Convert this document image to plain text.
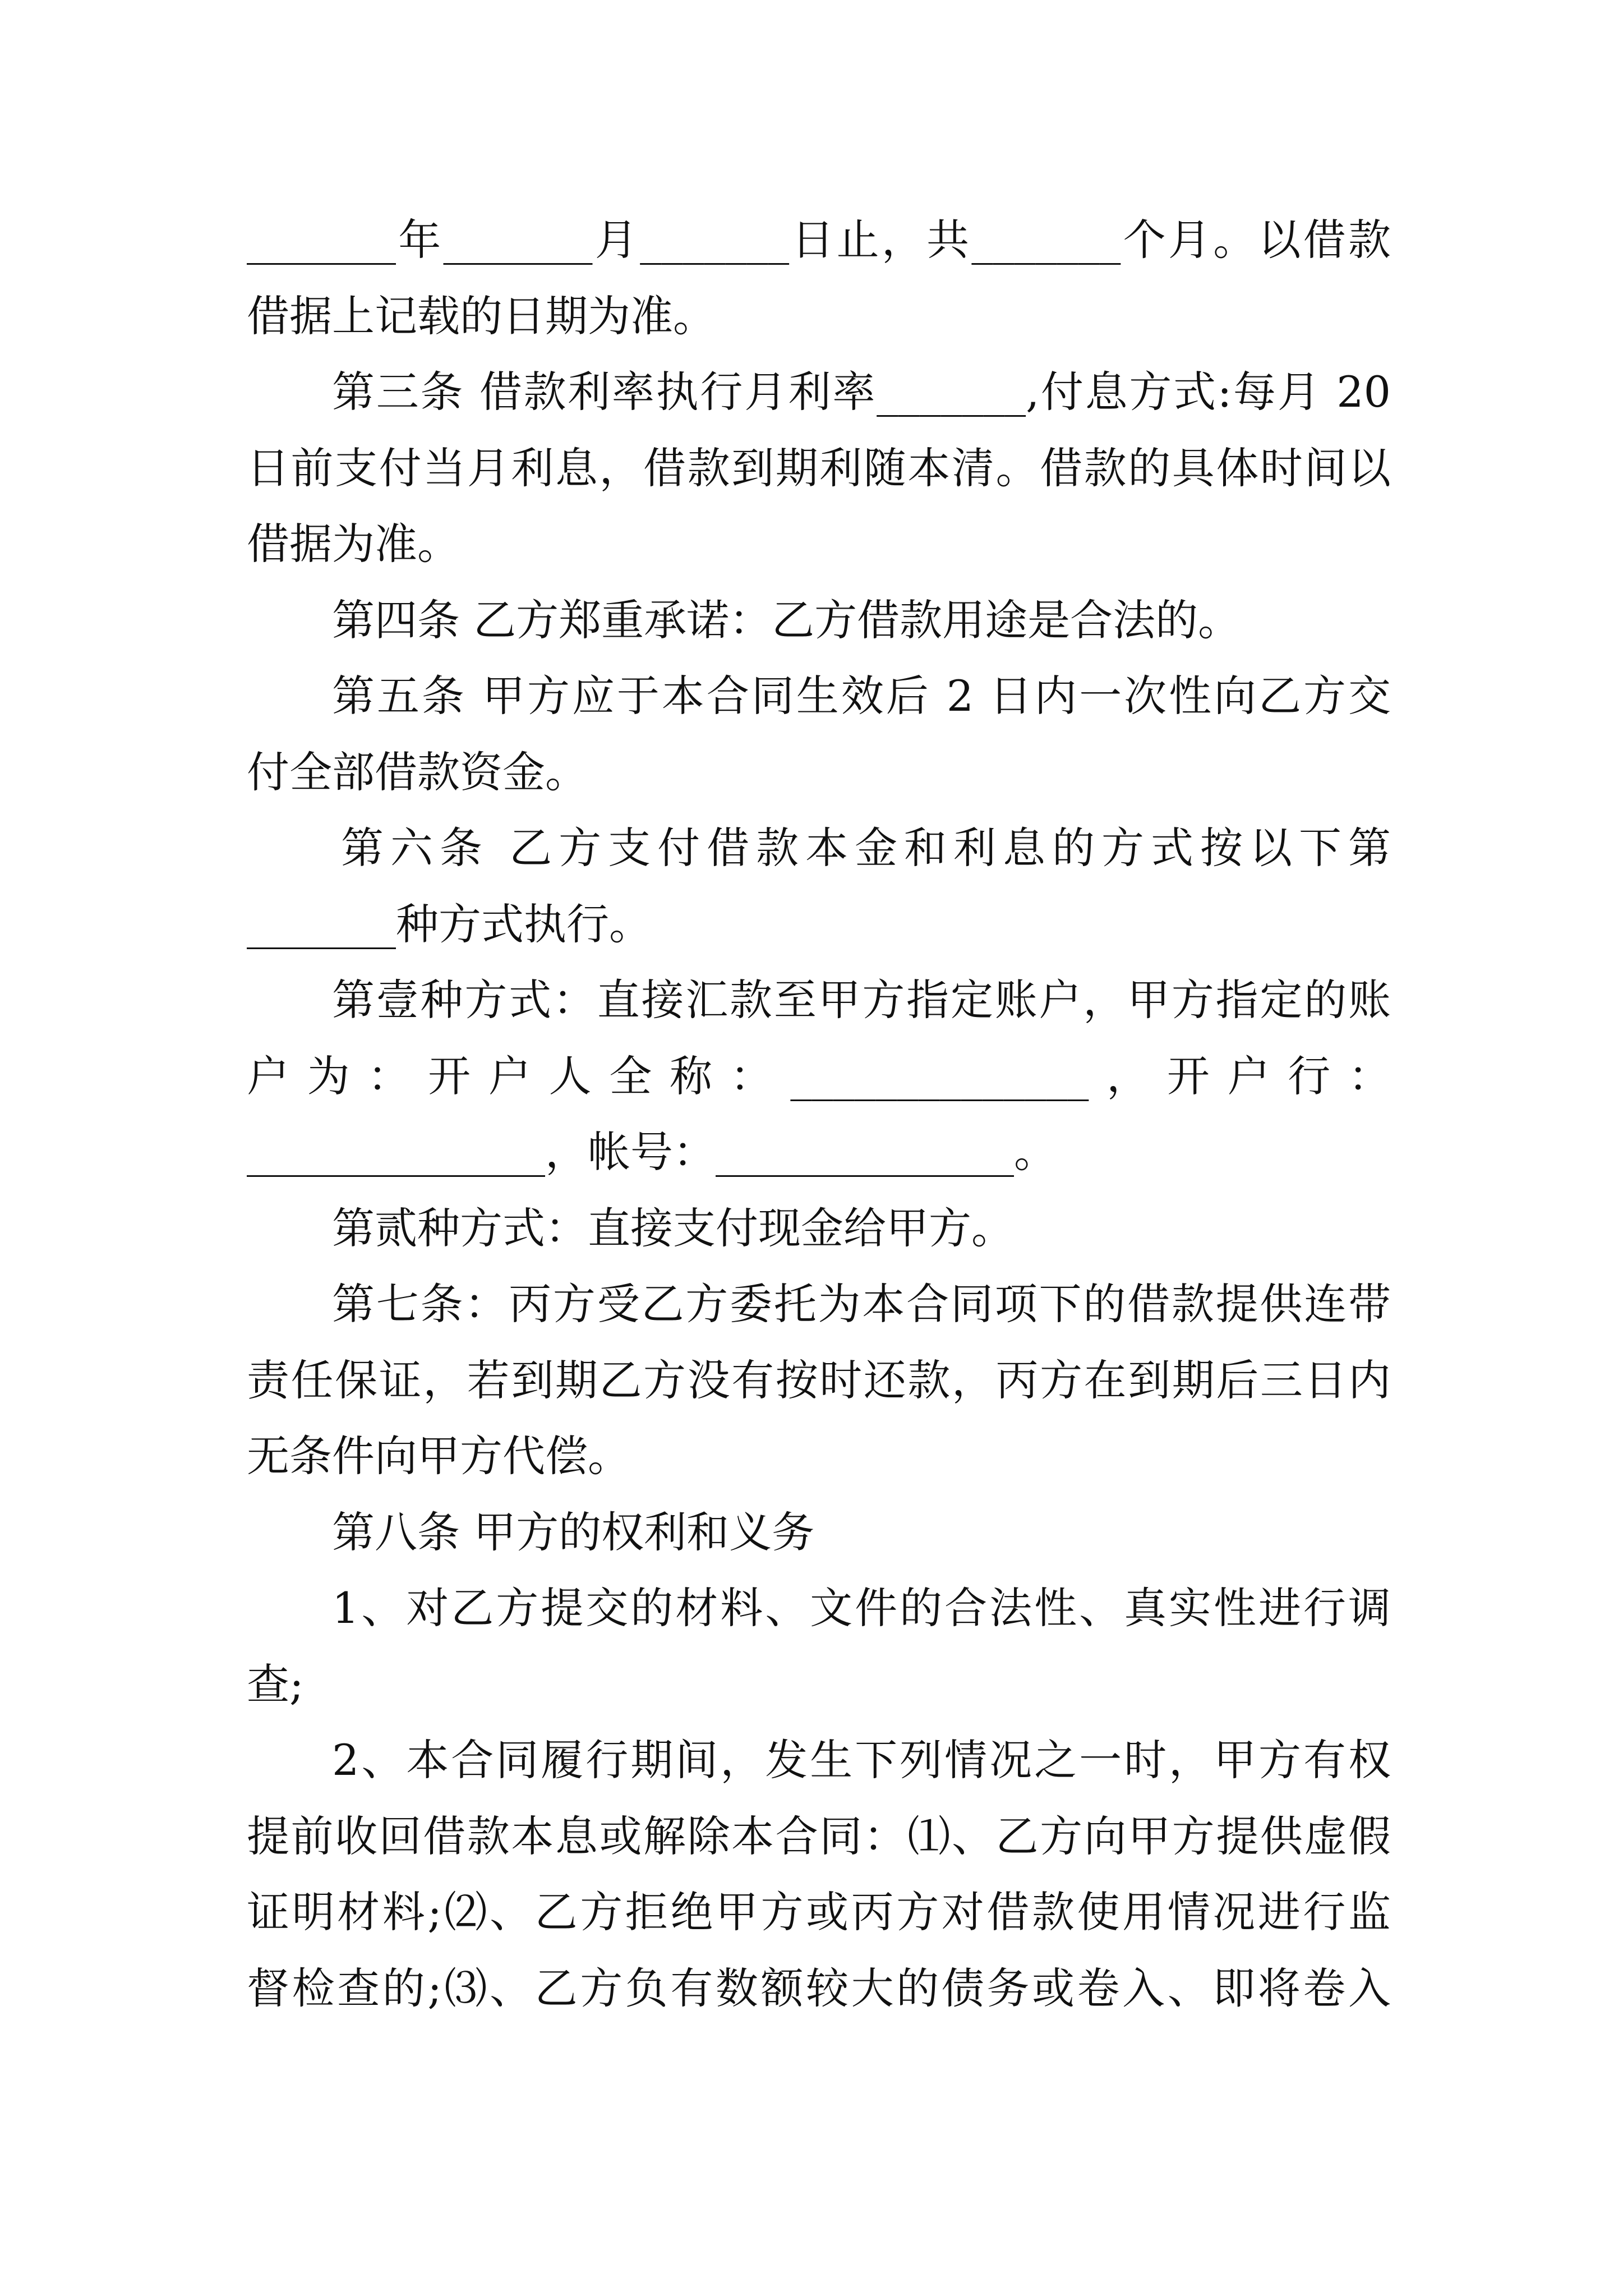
_______年_______月_______日止，共_______个月。以借款
借据上记载的日期为准。
第三条 借款利率执行月利率_______,付息方式:每月 20
日前支付当月利息，借款到期利随本清。借款的具体时间以
借据为准。
第四条 乙方郑重承诺：乙方借款用途是合法的。
第五条 甲方应于本合同生效后 2 日内一次性向乙方交
付全部借款资金。
第六条 乙方支付借款本金和利息的方式按以下第
_______种方式执行。
第壹种方式：直接汇款至甲方指定账户，甲方指定的账
户为：开户人全称：______________，开户行：
______________，帐号：______________。
第贰种方式：直接支付现金给甲方。
第七条：丙方受乙方委托为本合同项下的借款提供连带
责任保证，若到期乙方没有按时还款，丙方在到期后三日内
无条件向甲方代偿。
第八条 甲方的权利和义务
1、对乙方提交的材料、文件的合法性、真实性进行调
查;
2、本合同履行期间，发生下列情况之一时，甲方有权
提前收回借款本息或解除本合同：⑴、乙方向甲方提供虚假
证明材料;⑵、乙方拒绝甲方或丙方对借款使用情况进行监
督检查的;⑶、乙方负有数额较大的债务或卷入、即将卷入
